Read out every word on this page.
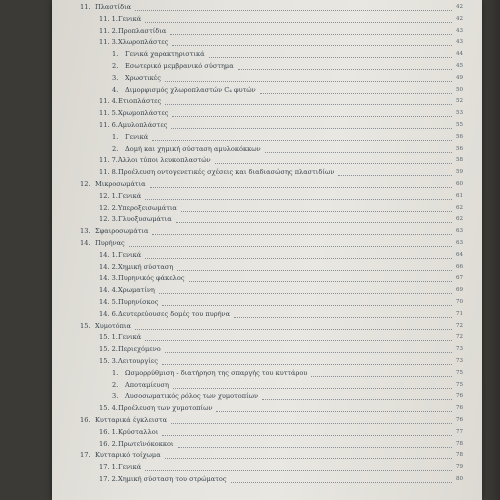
11. Πλαστίδια	42
11. 1. Γενικά	42
11. 2. Προπλαστίδια	43
11. 3. Χλωροπλάστες	43
1. Γενικά χαρακτηριστικά	44
2. Εσωτερικό μεμβρανικό σύστημα	45
3. Χρωστικές	49
4. Διμορφισμός χλωροπλαστών C₄ φυτών	50
11. 4. Ετιοπλάστες	52
11. 5. Χρωμοπλάστες	53
11. 6. Αμυλοπλάστες	55
1. Γενικά	56
2. Δομή και χημική σύσταση αμυλοκόκκων	56
11. 7. Άλλοι τύποι λευκοπλαστών	58
11. 8. Προέλευση οντογενετικές σχέσεις και διαδιασώσης πλαστιδίων	59
12. Μικροσωμάτια	60
12. 1. Γενικά	61
12. 2. Υπεροξεισωμάτια	62
12. 3. Γλυοξυσωμάτια	62
13. Σφαιροσωμάτια	63
14. Πυρήνας	63
14. 1. Γενικά	64
14. 2. Χημική σύσταση	66
14. 3. Πυρηνικός φάκελος	67
14. 4. Χρωματίνη	69
14. 5. Πυρηνίσκος	70
14. 6. Δευτερεύουσες δομές του πυρήνα	71
15. Χυμοτόπια	72
15. 1. Γενικά	72
15. 2. Περιεχόμενο	73
15. 3. Λειτουργίες	73
1. Ωσμορρύθμιση - διατήρηση της σπαργής του κυττάρου	75
2. Αποταμίευση	75
3. Λυσοσωματικός ρόλος των χυμοτοπίων	76
15. 4. Προέλευση των χυμοτοπίων	76
16. Κυτταρικά έγκλειστα	76
16. 1. Κρύσταλλοι	77
16. 2. Πρωτεϊνόκοκκοι	78
17. Κυτταρικό τοίχωμα	78
17. 1. Γενικά	79
17. 2. Χημική σύσταση του στρώματος	80
